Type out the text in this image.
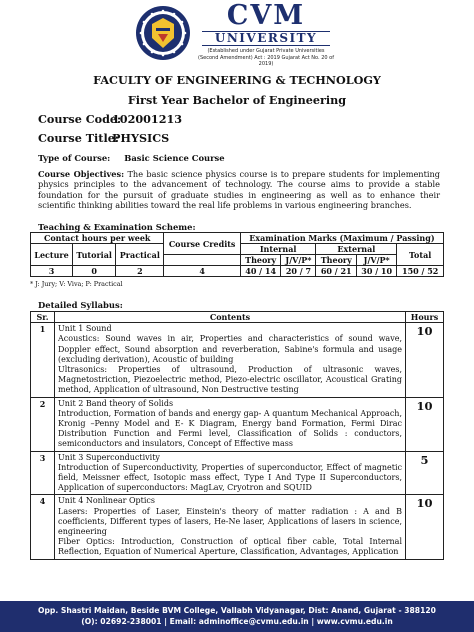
CVM
UNIVERSITY
(Established under Gujarat Private Universities
(Second Amendment) Act : 2019 Gujarat Act No. 20 of 2019)
FACULTY OF ENGINEERING & TECHNOLOGY
First Year Bachelor of Engineering
Course Code:
102001213
Course Title:
PHYSICS
Type of Course: Basic Science Course
Course Objectives: The basic science physics course is to prepare students for implementing physics principles to the advancement of technology. The course aims to provide a stable foundation for the pursuit of graduate studies in engineering as well as to enhance their scientific thinking abilities toward the real life problems in various engineering branches.
Teaching & Examination Scheme:
Contact hours per week			Course Credits	Examination Marks (Maximum / Passing)				
Lecture	Tutorial	Practical		Internal		External		Total
				Theory	J/V/P*	Theory	J/V/P*	
3	0	2	4	40 / 14	20 / 7	60 / 21	30 / 10	150 / 52
* J: Jury; V: Viva; P: Practical
Detailed Syllabus:
Sr.	Contents	Hours
1	Unit 1 Sound
Acoustics: Sound waves in air, Properties and characteristics of sound wave, Doppler effect, Sound absorption and reverberation, Sabine's formula and usage (excluding derivation), Acoustic of building
Ultrasonics: Properties of ultrasound, Production of ultrasonic waves, Magnetostriction, Piezoelectric method, Piezo-electric oscillator, Acoustical Grating method, Application of ultrasound, Non Destructive testing	10
2	Unit 2 Band theory of Solids
Introduction, Formation of bands and energy gap- A quantum Mechanical Approach, Kronig –Penny Model and E- K Diagram, Energy band Formation, Fermi Dirac Distribution Function and Fermi level, Classification of Solids : conductors, semiconductors and insulators, Concept of Effective mass	10
3	Unit 3 Superconductivity
Introduction of Superconductivity, Properties of superconductor, Effect of magnetic field, Meissner effect, Isotopic mass effect, Type I And Type II Superconductors, Application of superconductors: MagLav, Cryotron and SQUID	5
4	Unit 4 Nonlinear Optics
Lasers: Properties of Laser, Einstein's theory of matter radiation : A and B coefficients, Different types of lasers, He-Ne laser, Applications of lasers in science, engineering
Fiber Optics: Introduction, Construction of optical fiber cable, Total Internal Reflection, Equation of Numerical Aperture, Classification, Advantages, Application	10
Opp. Shastri Maidan, Beside BVM College, Vallabh Vidyanagar, Dist: Anand, Gujarat - 388120
(O): 02692-238001 | Email: adminoffice@cvmu.edu.in | www.cvmu.edu.in
